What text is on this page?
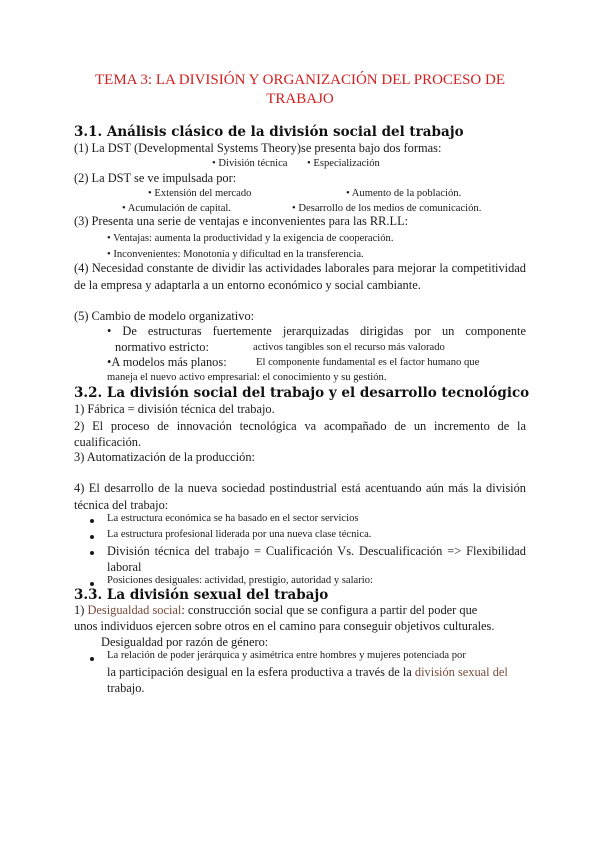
TEMA 3: LA DIVISIÓN Y ORGANIZACIÓN DEL PROCESO DE
TRABAJO
3.1. Análisis clásico de la división social del trabajo
(1) La DST (Developmental Systems Theory)se presenta bajo dos formas:
• División técnica • Especialización
(2) La DST se ve impulsada por:
• Extensión del mercado	• Aumento de la población.
• Acumulación de capital.	• Desarrollo de los medios de comunicación.
(3) Presenta una serie de ventajas e inconvenientes para las RR.LL:
• Ventajas: aumenta la productividad y la exigencia de cooperación.
• Inconvenientes: Monotonía y dificultad en la transferencia.
(4) Necesidad constante de dividir las actividades laborales para mejorar la competitividad de la empresa y adaptarla a un entorno económico y social cambiante.
(5) Cambio de modelo organizativo:
• De estructuras fuertemente jerarquizadas dirigidas por un componente
normativo estricto:	activos tangibles son el recurso más valorado
•A modelos más planos:	El componente fundamental es el factor humano que
maneja el nuevo activo empresarial: el conocimiento y su gestión.
3.2. La división social del trabajo y el desarrollo tecnológico
1) Fábrica = división técnica del trabajo.
2) El proceso de innovación tecnológica va acompañado de un incremento de la cualificación.
3) Automatización de la producción:
4) El desarrollo de la nueva sociedad postindustrial está acentuando aún más la división técnica del trabajo:
La estructura económica se ha basado en el sector servicios
La estructura profesional liderada por una nueva clase técnica.
División técnica del trabajo = Cualificación Vs. Descualificación => Flexibilidad
laboral
Posiciones desiguales: actividad, prestigio, autoridad y salario:
3.3. La división sexual del trabajo
1) Desigualdad social: construcción social que se configura a partir del poder que
unos individuos ejercen sobre otros en el camino para conseguir objetivos culturales.
Desigualdad por razón de género:
La relación de poder jerárquica y asimétrica entre hombres y mujeres potenciada por
la participación desigual en la esfera productiva a través de la división sexual del
trabajo.
